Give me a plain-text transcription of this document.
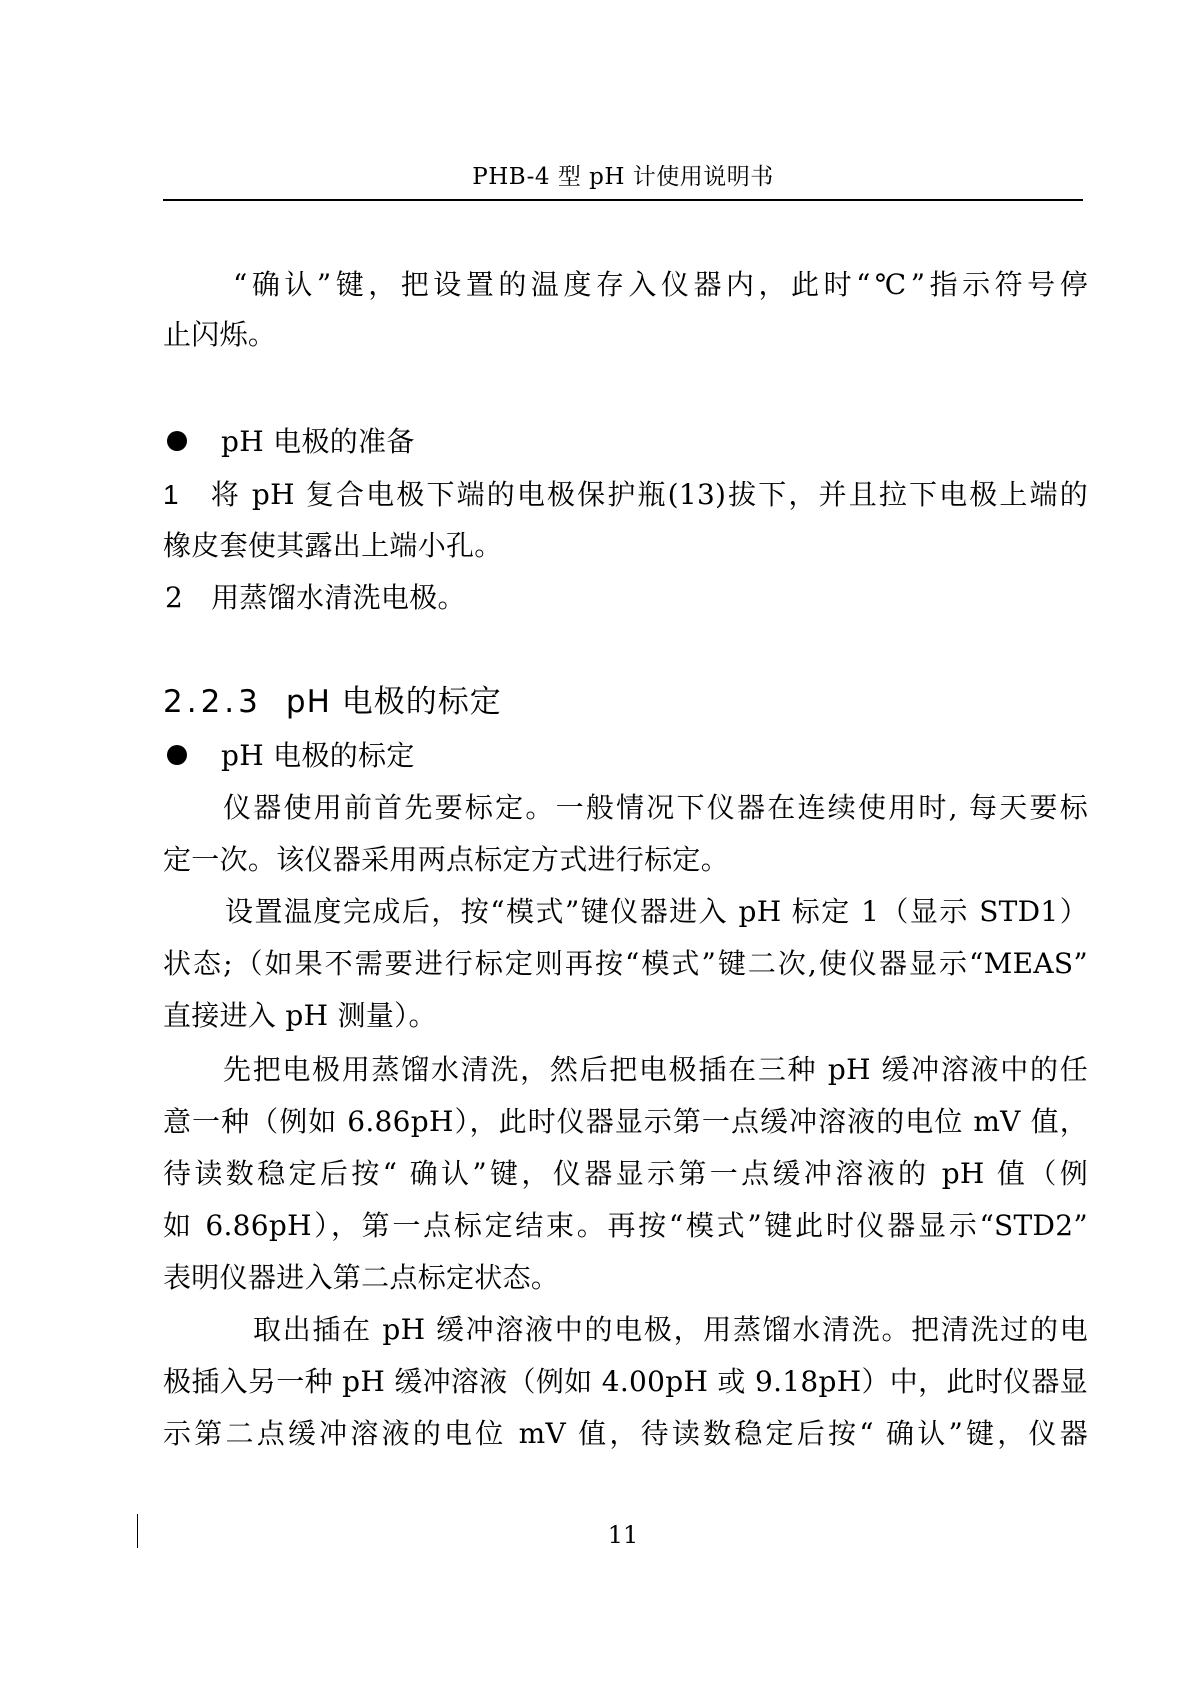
PHB-4 型 pH 计使用说明书
“确认”键，把设置的温度存入仪器内，此时“℃”指示符号停
止闪烁。
pH 电极的准备
1 将 pH 复合电极下端的电极保护瓶(13)拔下，并且拉下电极上端的
橡皮套使其露出上端小孔。
2 用蒸馏水清洗电极。
2.2.3 pH 电极的标定
pH 电极的标定
仪器使用前首先要标定。一般情况下仪器在连续使用时, 每天要标
定一次。该仪器采用两点标定方式进行标定。
设置温度完成后，按“模式”键仪器进入 pH 标定 1（显示 STD1）
状态;（如果不需要进行标定则再按“模式”键二次,使仪器显示“MEAS”
直接进入 pH 测量）。
先把电极用蒸馏水清洗，然后把电极插在三种 pH 缓冲溶液中的任
意一种（例如 6.86pH），此时仪器显示第一点缓冲溶液的电位 mV 值，
待读数稳定后按“ 确认”键，仪器显示第一点缓冲溶液的 pH 值（例
如 6.86pH），第一点标定结束。再按“模式”键此时仪器显示“STD2”
表明仪器进入第二点标定状态。
取出插在 pH 缓冲溶液中的电极，用蒸馏水清洗。把清洗过的电
极插入另一种 pH 缓冲溶液（例如 4.00pH 或 9.18pH）中，此时仪器显
示第二点缓冲溶液的电位 mV 值，待读数稳定后按“ 确认”键，仪器
11
